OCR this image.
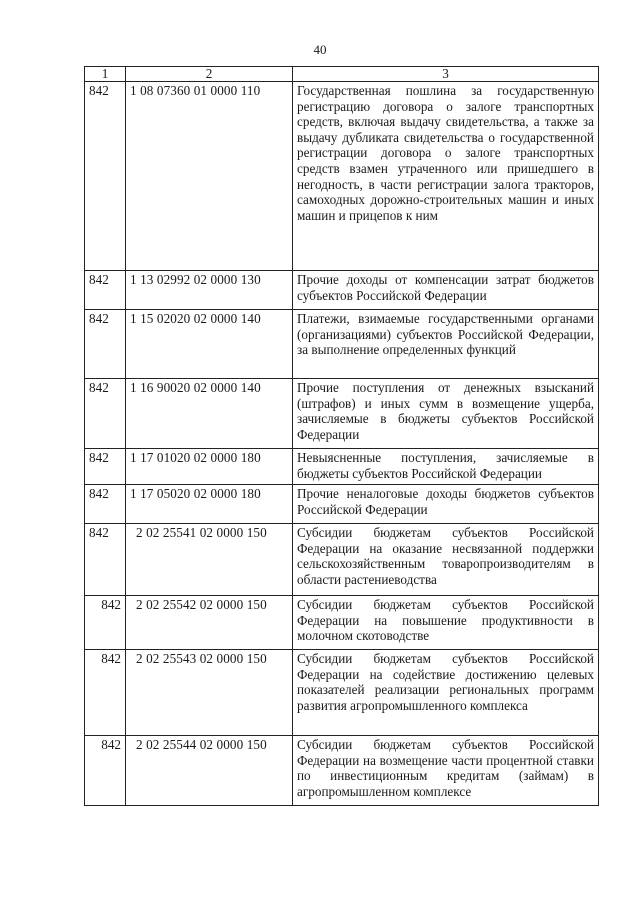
40
1	2	3
842	1 08 07360 01 0000 110	Государственная пошлина за государственную регистрацию договора о залоге транспортных средств, включая выдачу свидетельства, а также за выдачу дубликата свидетельства о государственной регистрации договора о залоге транспортных средств взамен утраченного или пришедшего в негодность, в части регистрации залога тракторов, самоходных дорожно-строительных машин и иных машин и прицепов к ним
842	1 13 02992 02 0000 130	Прочие доходы от компенсации затрат бюджетов субъектов Российской Федерации
842	1 15 02020 02 0000 140	Платежи, взимаемые государственными органами (организациями) субъектов Российской Федерации, за выполнение определенных функций
842	1 16 90020 02 0000 140	Прочие поступления от денежных взысканий (штрафов) и иных сумм в возмещение ущерба, зачисляемые в бюджеты субъектов Российской Федерации
842	1 17 01020 02 0000 180	Невыясненные поступления, зачисляемые в бюджеты субъектов Российской Федерации
842	1 17 05020 02 0000 180	Прочие неналоговые доходы бюджетов субъектов Российской Федерации
842	2 02 25541 02 0000 150	Субсидии бюджетам субъектов Российской Федерации на оказание несвязанной поддержки сельскохозяйственным товаропроизводителям в области растениеводства
842	2 02 25542 02 0000 150	Субсидии бюджетам субъектов Российской Федерации на повышение продуктивности в молочном скотоводстве
842	2 02 25543 02 0000 150	Субсидии бюджетам субъектов Российской Федерации на содействие достижению целевых показателей реализации региональных программ развития агропромышленного комплекса
842	2 02 25544 02 0000 150	Субсидии бюджетам субъектов Российской Федерации на возмещение части процентной ставки по инвестиционным кредитам (займам) в агропромышленном комплексе
